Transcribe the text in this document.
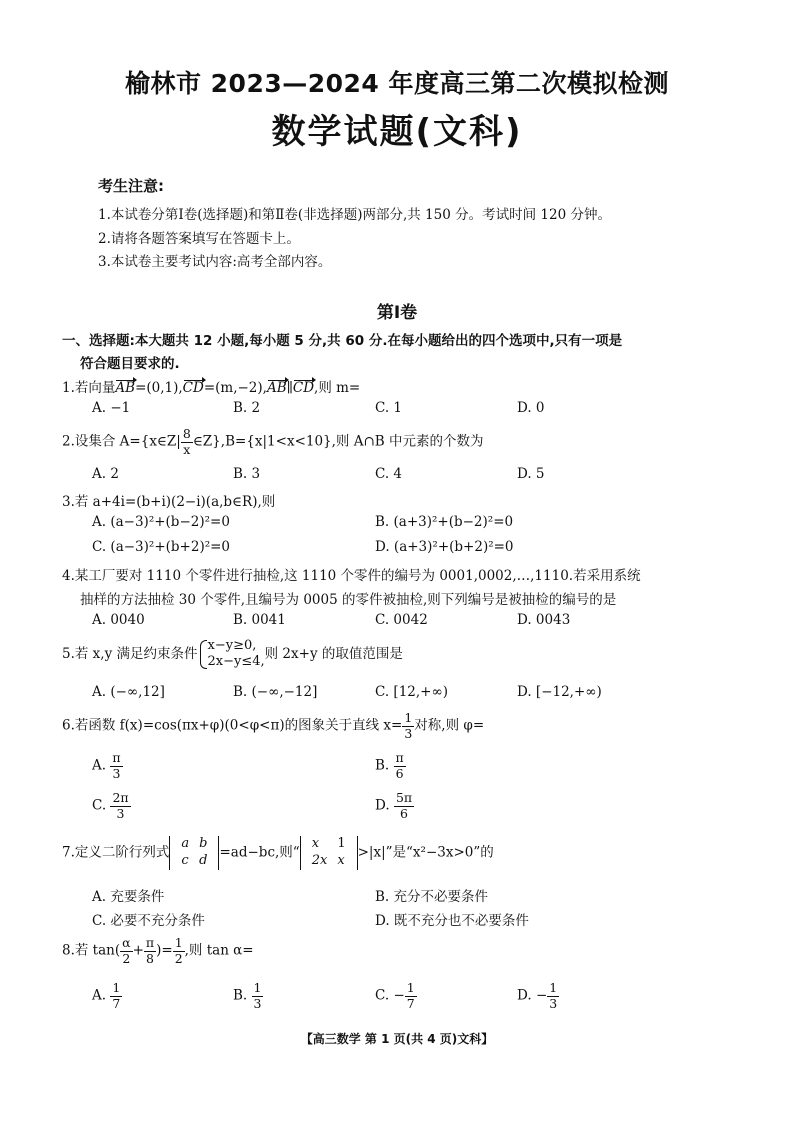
榆林市 2023—2024 年度高三第二次模拟检测
数学试题(文科)
考生注意:
1.本试卷分第Ⅰ卷(选择题)和第Ⅱ卷(非选择题)两部分,共 150 分。考试时间 120 分钟。
2.请将各题答案填写在答题卡上。
3.本试卷主要考试内容:高考全部内容。
第Ⅰ卷
一、选择题:本大题共 12 小题,每小题 5 分,共 60 分.在每小题给出的四个选项中,只有一项是
符合题目要求的.
1.若向量AB=(0,1),CD=(m,−2),AB∥CD,则 m=
A. −1	B. 2	C. 1	D. 0
2.设集合 A={x∈Z| $\frac{8}{x}$ ∈Z},B={x|1<x<10},则 A∩B 中元素的个数为
A. 2	B. 3	C. 4	D. 5
3.若 a+4i=(b+i)(2−i)(a,b∈R),则
A. (a−3)²+(b−2)²=0	B. (a+3)²+(b−2)²=0
C. (a−3)²+(b+2)²=0	D. (a+3)²+(b+2)²=0
4.某工厂要对 1110 个零件进行抽检,这 1110 个零件的编号为 0001,0002,…,1110.若采用系统
抽样的方法抽检 30 个零件,且编号为 0005 的零件被抽检,则下列编号是被抽检的编号的是
A. 0040	B. 0041	C. 0042	D. 0043
5.若 x,y 满足约束条件
x−y≥0,
2x−y≤4, 则 2x+y 的取值范围是
A. (−∞,12]	B. (−∞,−12]	C. [12,+∞)	D. [−12,+∞)
6.若函数 f(x)=cos(πx+φ)(0<φ<π)的图象关于直线 $x= \frac{1}{3}$ 对称,则 φ=
A. $\frac{\pi}{3}$	B. $\frac{\pi}{6}$
C. $\frac{2\pi}{3}$	D. $\frac{5\pi}{6}$
7.定义二阶行列式
a	b
c	d =ad−bc,则“
x	1
2x	x >|x|”是“x²−3x>0”的
A. 充要条件	B. 充分不必要条件
C. 必要不充分条件	D. 既不充分也不必要条件
8.若 $\tan( \frac{\alpha}{2} + \frac{\pi}{8}$ )= $\frac{1}{2}$ ,则 tan α=
A. $\frac{1}{7}$	B. $\frac{1}{3}$	C. − $\frac{1}{7}$	D. − $\frac{1}{3}$
【高三数学 第 1 页(共 4 页)文科】
